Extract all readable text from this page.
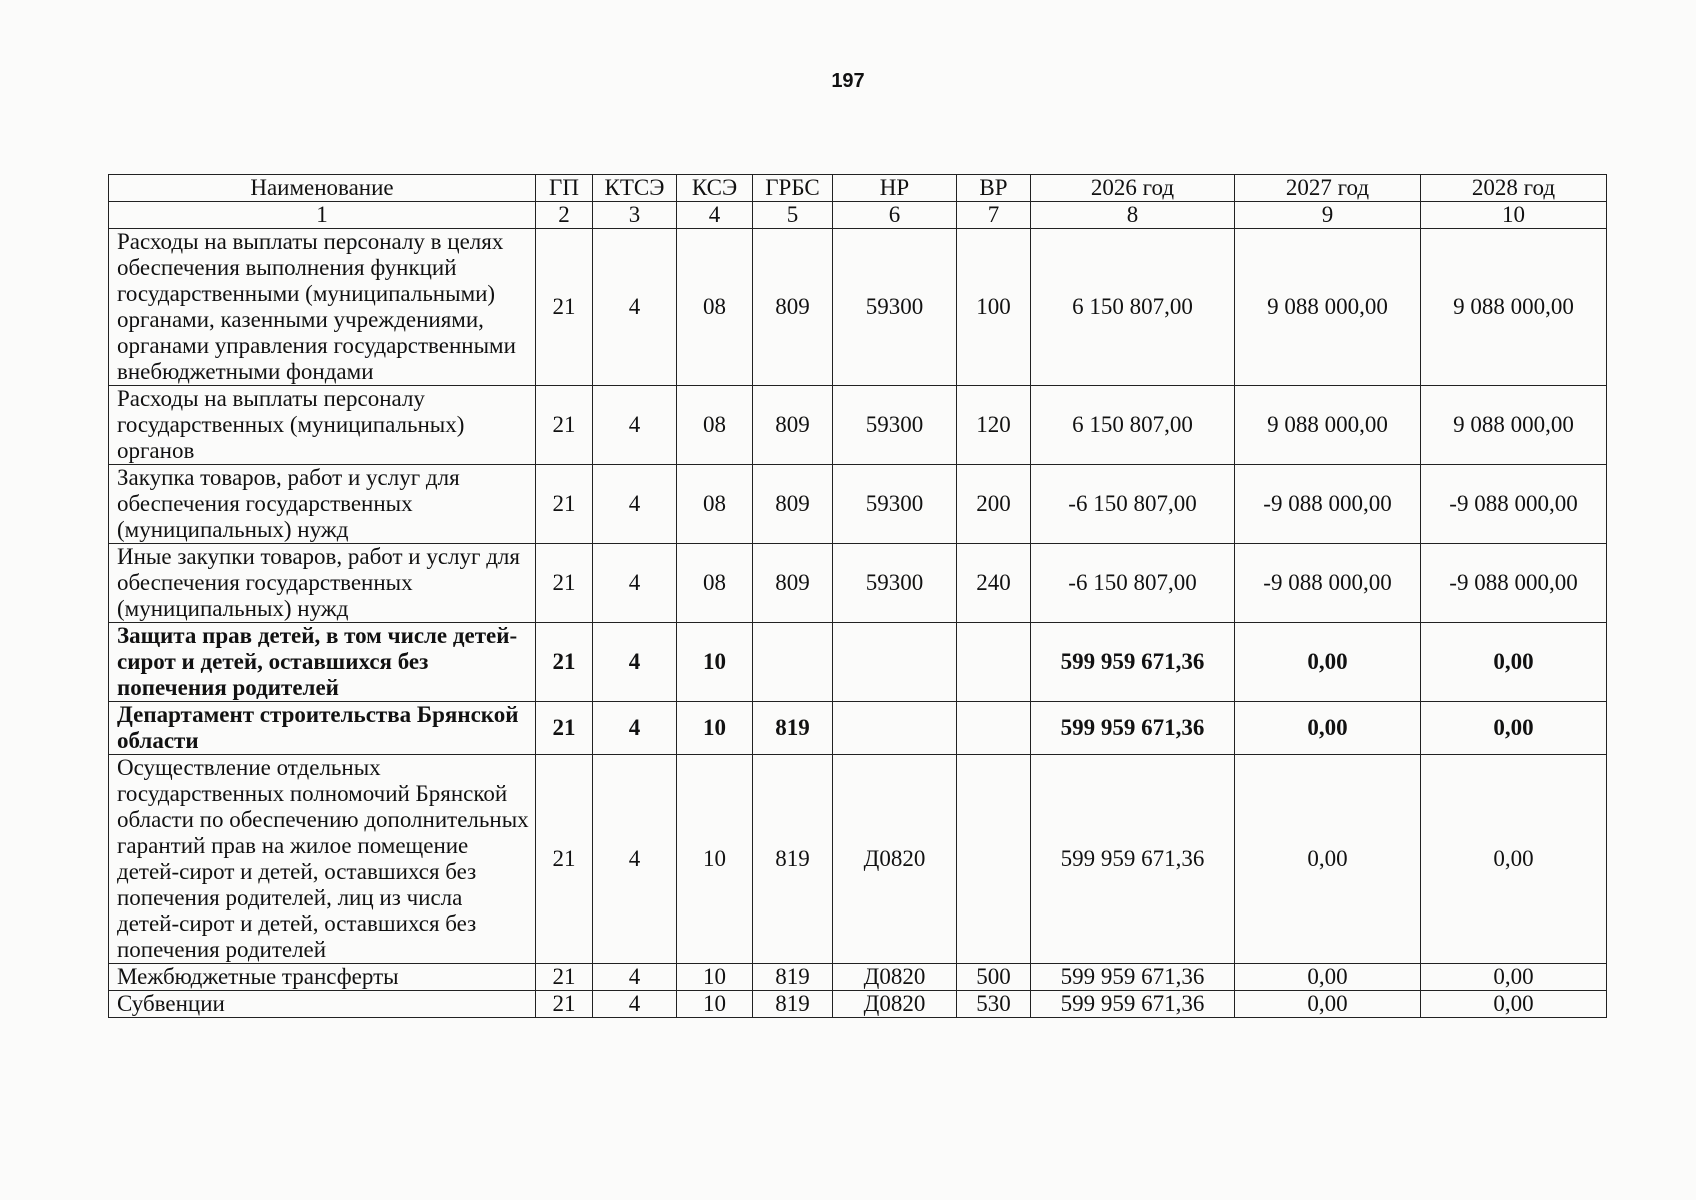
197
Наименование	ГП	КТСЭ	КСЭ	ГРБС	НР	ВР	2026 год	2027 год	2028 год
1	2	3	4	5	6	7	8	9	10
Расходы на выплаты персоналу в целях обеспечения выполнения функций государственными (муниципальными) органами, казенными учреждениями, органами управления государственными внебюджетными фондами	21	4	08	809	59300	100	6 150 807,00	9 088 000,00	9 088 000,00
Расходы на выплаты персоналу государственных (муниципальных) органов	21	4	08	809	59300	120	6 150 807,00	9 088 000,00	9 088 000,00
Закупка товаров, работ и услуг для обеспечения государственных (муниципальных) нужд	21	4	08	809	59300	200	-6 150 807,00	-9 088 000,00	-9 088 000,00
Иные закупки товаров, работ и услуг для обеспечения государственных (муниципальных) нужд	21	4	08	809	59300	240	-6 150 807,00	-9 088 000,00	-9 088 000,00
Защита прав детей, в том числе детей-сирот и детей, оставшихся без попечения родителей	21	4	10				599 959 671,36	0,00	0,00
Департамент строительства Брянской области	21	4	10	819			599 959 671,36	0,00	0,00
Осуществление отдельных государственных полномочий Брянской области по обеспечению дополнительных гарантий прав на жилое помещение детей-сирот и детей, оставшихся без попечения родителей, лиц из числа детей-сирот и детей, оставшихся без попечения родителей	21	4	10	819	Д0820		599 959 671,36	0,00	0,00
Межбюджетные трансферты	21	4	10	819	Д0820	500	599 959 671,36	0,00	0,00
Субвенции	21	4	10	819	Д0820	530	599 959 671,36	0,00	0,00
